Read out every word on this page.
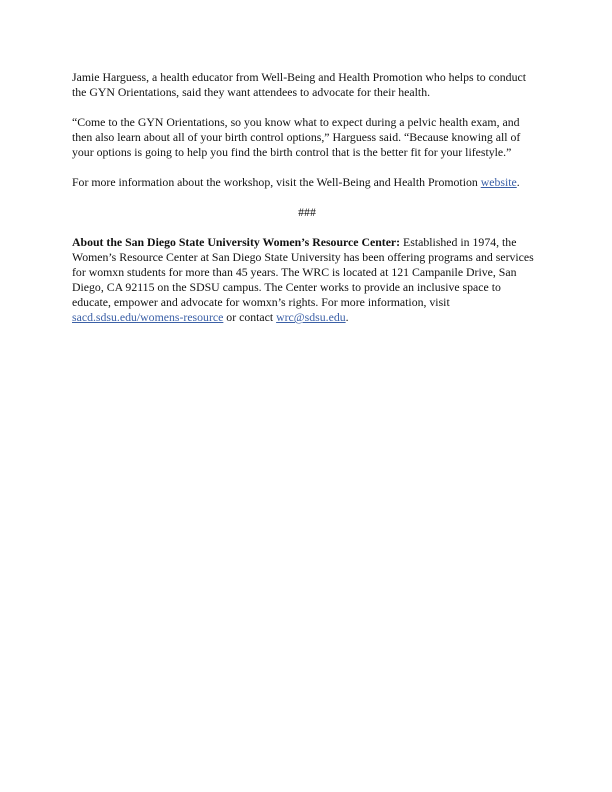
Jamie Harguess, a health educator from Well-Being and Health Promotion who helps to conduct the GYN Orientations, said they want attendees to advocate for their health.

“Come to the GYN Orientations, so you know what to expect during a pelvic health exam, and then also learn about all of your birth control options,” Harguess said. “Because knowing all of your options is going to help you find the birth control that is the better fit for your lifestyle.”

For more information about the workshop, visit the Well-Being and Health Promotion website.

###

About the San Diego State University Women’s Resource Center: Established in 1974, the Women’s Resource Center at San Diego State University has been offering programs and services for womxn students for more than 45 years. The WRC is located at 121 Campanile Drive, San Diego, CA 92115 on the SDSU campus. The Center works to provide an inclusive space to educate, empower and advocate for womxn’s rights. For more information, visit sacd.sdsu.edu/womens-resource or contact wrc@sdsu.edu.
